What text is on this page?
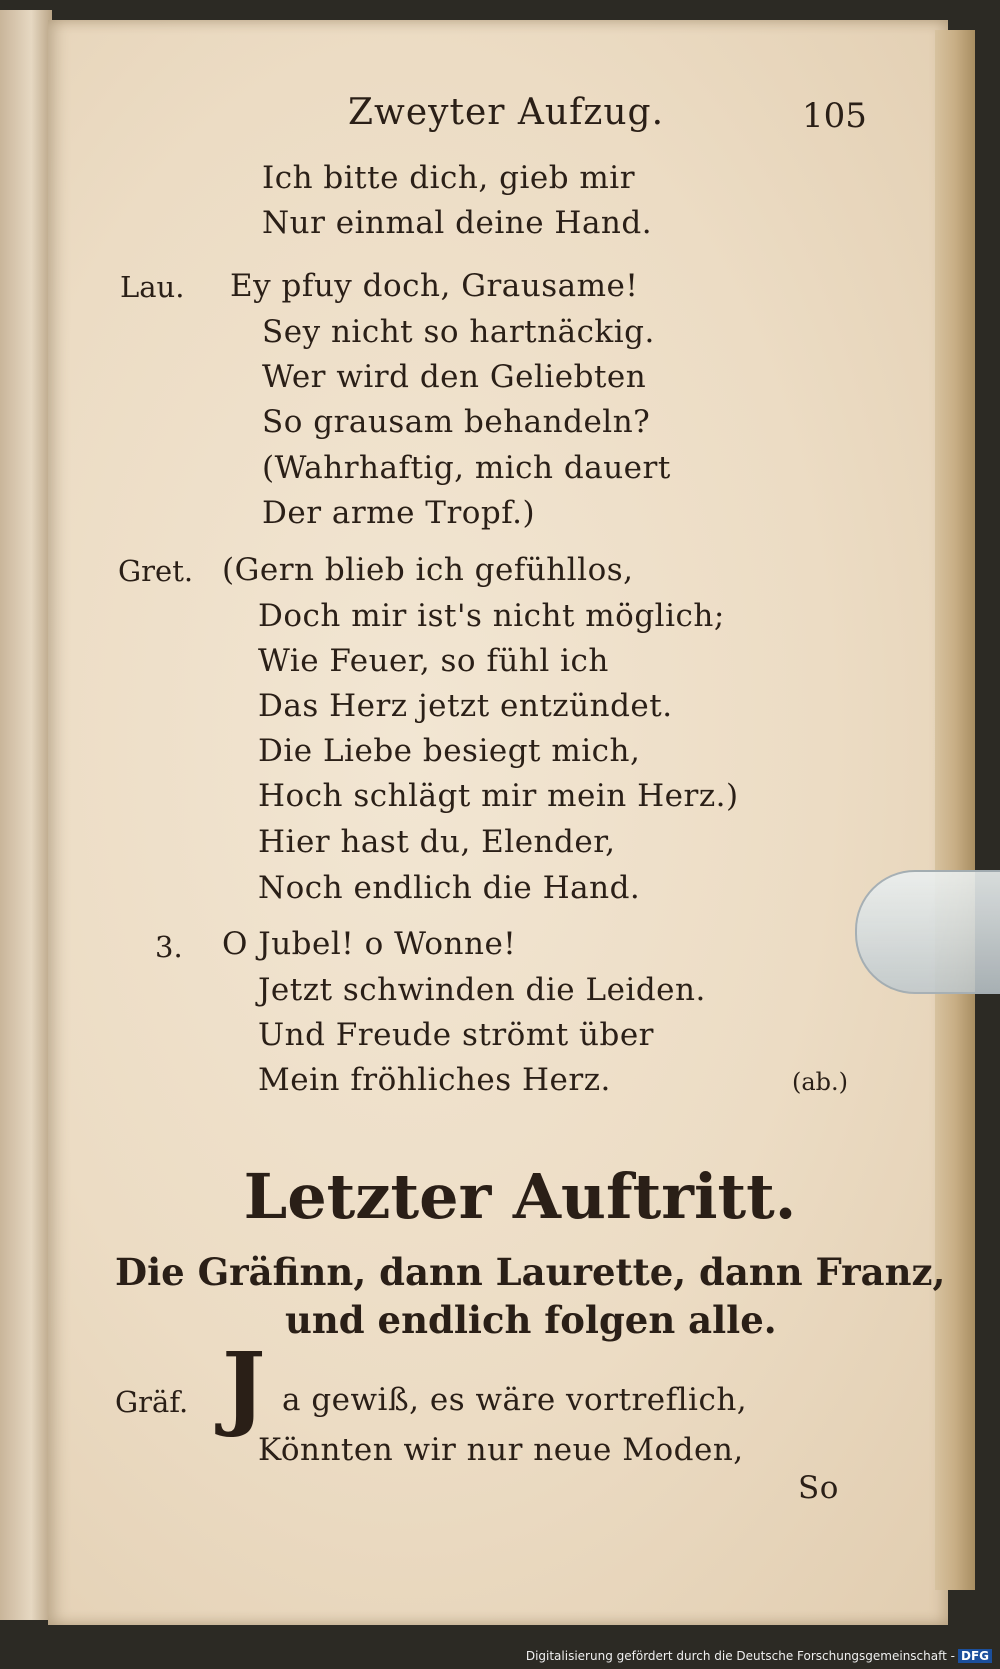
Zweyter Aufzug.	105
Ich bitte dich, gieb mir
Nur einmal deine Hand.
Lau. Ey pfuy doch, Grausame!
Sey nicht so hartnäckig.
Wer wird den Geliebten
So grausam behandeln?
(Wahrhaftig, mich dauert
Der arme Tropf.)
Gret. (Gern blieb ich gefühllos,
Doch mir ist's nicht möglich;
Wie Feuer, so fühl ich
Das Herz jetzt entzündet.
Die Liebe besiegt mich,
Hoch schlägt mir mein Herz.)
Hier hast du, Elender,
Noch endlich die Hand.
3. O Jubel! o Wonne!
Jetzt schwinden die Leiden.
Und Freude strömt über
Mein fröhliches Herz.	(ab.)
Letzter Auftritt.
Die Gräfinn, dann Laurette, dann Franz,
und endlich folgen alle.
Gräf. J a gewiß, es wäre vortreflich,
Könnten wir nur neue Moden,
So
Digitalisierung gefördert durch die Deutsche Forschungsgemeinschaft - DFG
